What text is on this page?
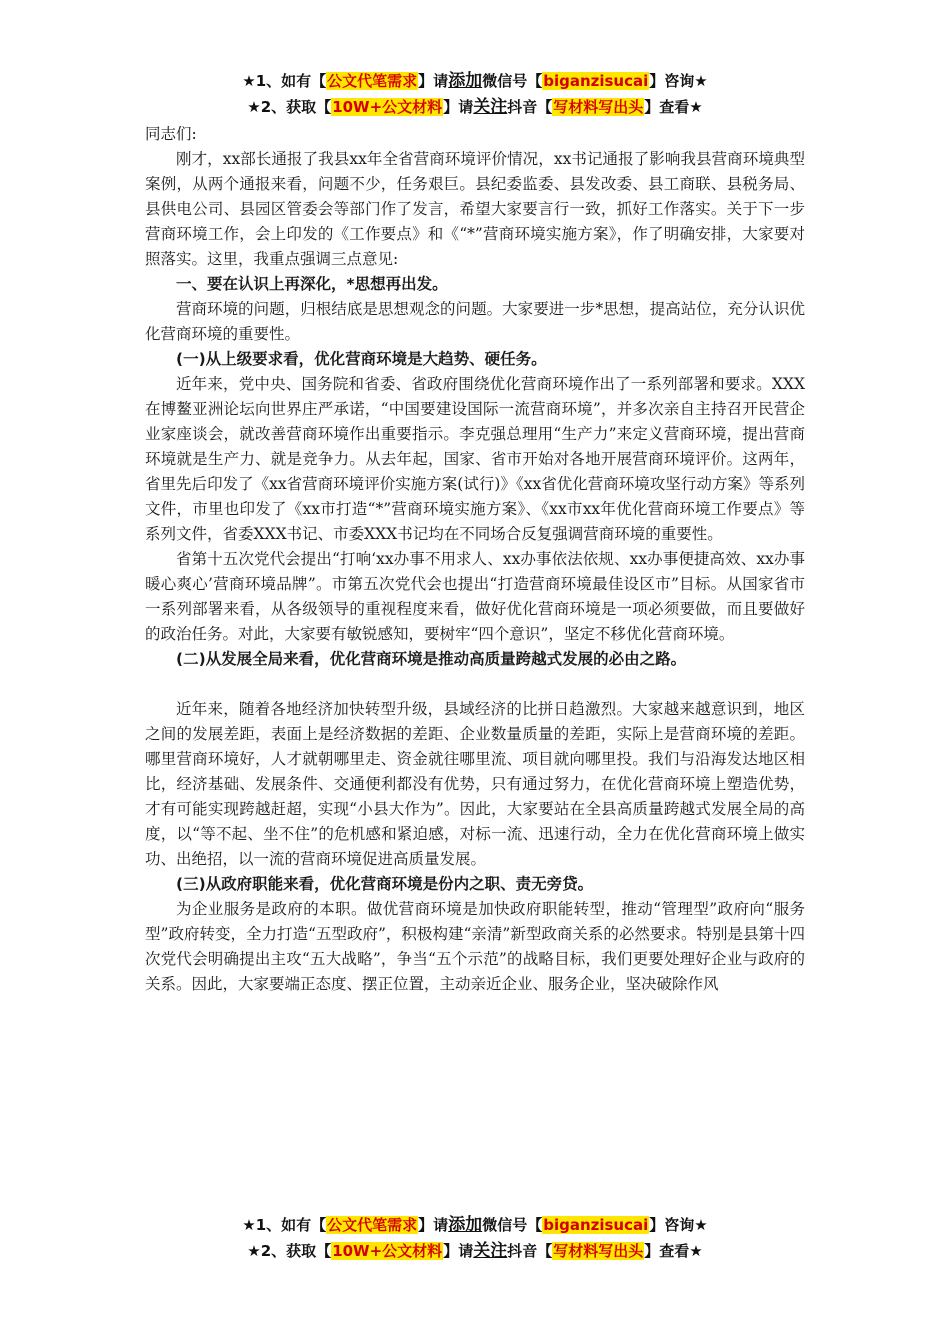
★1、如有【公文代笔需求】请添加微信号【biganzisucai】咨询★
★2、获取【10W+公文材料】请关注抖音【写材料写出头】查看★

同志们:

刚才，xx部长通报了我县xx年全省营商环境评价情况，xx书记通报了影响我县营商环境典型案例，从两个通报来看，问题不少，任务艰巨。县纪委监委、县发改委、县工商联、县税务局、县供电公司、县园区管委会等部门作了发言，希望大家要言行一致，抓好工作落实。关于下一步营商环境工作，会上印发的《工作要点》和《“*”营商环境实施方案》，作了明确安排，大家要对照落实。这里，我重点强调三点意见:

一、要在认识上再深化，*思想再出发。

营商环境的问题，归根结底是思想观念的问题。大家要进一步*思想，提高站位，充分认识优化营商环境的重要性。

(一)从上级要求看，优化营商环境是大趋势、硬任务。

近年来，党中央、国务院和省委、省政府围绕优化营商环境作出了一系列部署和要求。XXX在博鳌亚洲论坛向世界庄严承诺，“中国要建设国际一流营商环境”，并多次亲自主持召开民营企业家座谈会，就改善营商环境作出重要指示。李克强总理用“生产力”来定义营商环境，提出营商环境就是生产力、就是竞争力。从去年起，国家、省市开始对各地开展营商环境评价。这两年，省里先后印发了《xx省营商环境评价实施方案(试行)》《xx省优化营商环境攻坚行动方案》等系列文件，市里也印发了《xx市打造“*”营商环境实施方案》、《xx市xx年优化营商环境工作要点》等系列文件，省委XXX书记、市委XXX书记均在不同场合反复强调营商环境的重要性。

省第十五次党代会提出“打响‘xx办事不用求人、xx办事依法依规、xx办事便捷高效、xx办事暖心爽心’营商环境品牌”。市第五次党代会也提出“打造营商环境最佳设区市”目标。从国家省市一系列部署来看，从各级领导的重视程度来看，做好优化营商环境是一项必须要做，而且要做好的政治任务。对此，大家要有敏锐感知，要树牢“四个意识”，坚定不移优化营商环境。

(二)从发展全局来看，优化营商环境是推动高质量跨越式发展的必由之路。

近年来，随着各地经济加快转型升级，县域经济的比拼日趋激烈。大家越来越意识到，地区之间的发展差距，表面上是经济数据的差距、企业数量质量的差距，实际上是营商环境的差距。哪里营商环境好，人才就朝哪里走、资金就往哪里流、项目就向哪里投。我们与沿海发达地区相比，经济基础、发展条件、交通便利都没有优势，只有通过努力，在优化营商环境上塑造优势，才有可能实现跨越赶超，实现“小县大作为”。因此，大家要站在全县高质量跨越式发展全局的高度，以“等不起、坐不住”的危机感和紧迫感，对标一流、迅速行动，全力在优化营商环境上做实功、出绝招，以一流的营商环境促进高质量发展。

(三)从政府职能来看，优化营商环境是份内之职、责无旁贷。

为企业服务是政府的本职。做优营商环境是加快政府职能转型，推动“管理型”政府向“服务型”政府转变，全力打造“五型政府”，积极构建“亲清”新型政商关系的必然要求。特别是县第十四次党代会明确提出主攻“五大战略”，争当“五个示范”的战略目标，我们更要处理好企业与政府的关系。因此，大家要端正态度、摆正位置，主动亲近企业、服务企业，坚决破除作风

★1、如有【公文代笔需求】请添加微信号【biganzisucai】咨询★
★2、获取【10W+公文材料】请关注抖音【写材料写出头】查看★
